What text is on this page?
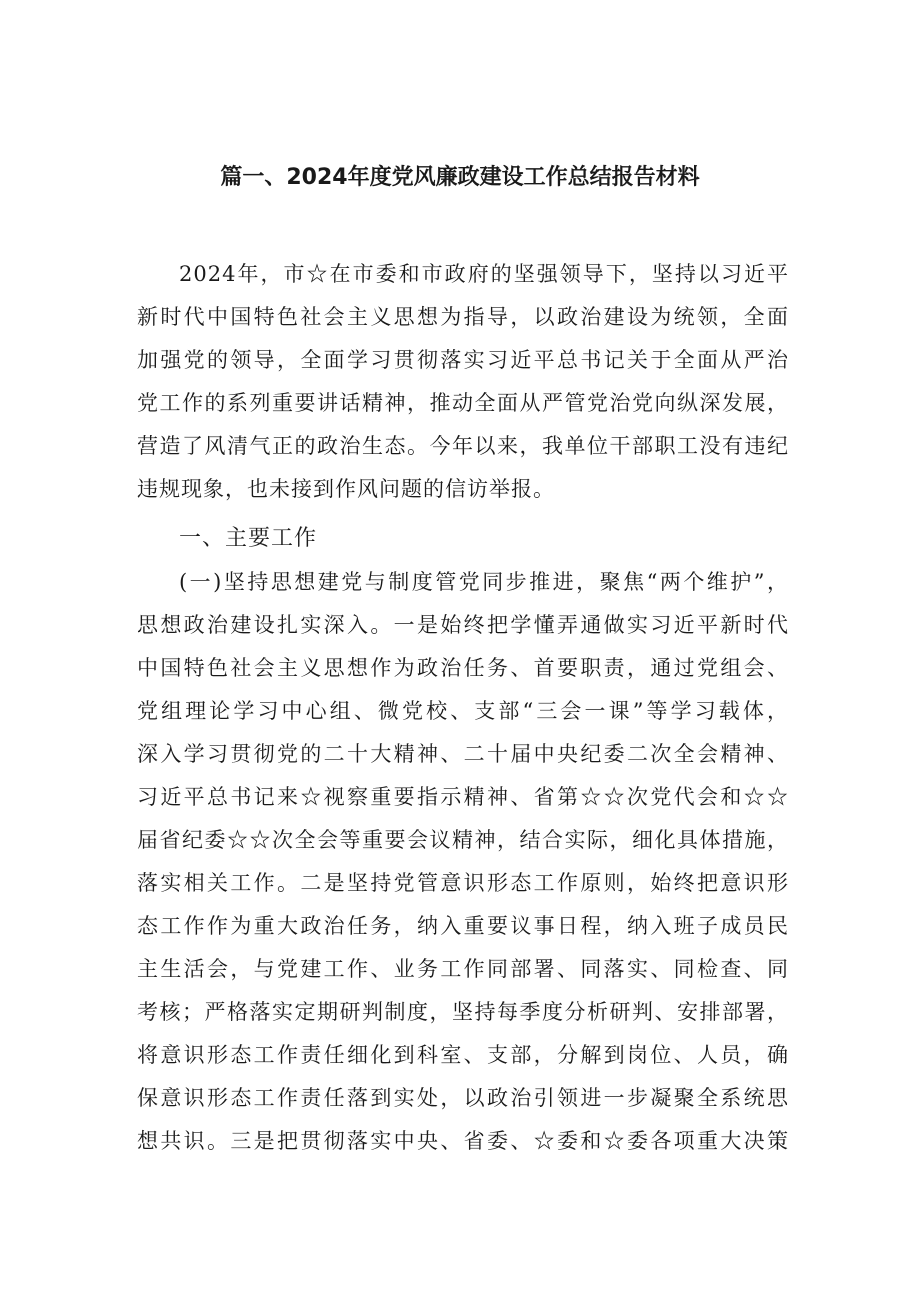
篇一、2024年度党风廉政建设工作总结报告材料
2024年，市☆在市委和市政府的坚强领导下，坚持以习近平
新时代中国特色社会主义思想为指导，以政治建设为统领，全面
加强党的领导，全面学习贯彻落实习近平总书记关于全面从严治
党工作的系列重要讲话精神，推动全面从严管党治党向纵深发展，
营造了风清气正的政治生态。今年以来，我单位干部职工没有违纪
违规现象，也未接到作风问题的信访举报。
一、主要工作
(一)坚持思想建党与制度管党同步推进，聚焦“两个维护”，
思想政治建设扎实深入。一是始终把学懂弄通做实习近平新时代
中国特色社会主义思想作为政治任务、首要职责，通过党组会、
党组理论学习中心组、微党校、支部“三会一课”等学习载体，
深入学习贯彻党的二十大精神、二十届中央纪委二次全会精神、
习近平总书记来☆视察重要指示精神、省第☆☆次党代会和☆☆
届省纪委☆☆次全会等重要会议精神，结合实际，细化具体措施，
落实相关工作。二是坚持党管意识形态工作原则，始终把意识形
态工作作为重大政治任务，纳入重要议事日程，纳入班子成员民
主生活会，与党建工作、业务工作同部署、同落实、同检查、同
考核；严格落实定期研判制度，坚持每季度分析研判、安排部署，
将意识形态工作责任细化到科室、支部，分解到岗位、人员，确
保意识形态工作责任落到实处，以政治引领进一步凝聚全系统思
想共识。三是把贯彻落实中央、省委、☆委和☆委各项重大决策
